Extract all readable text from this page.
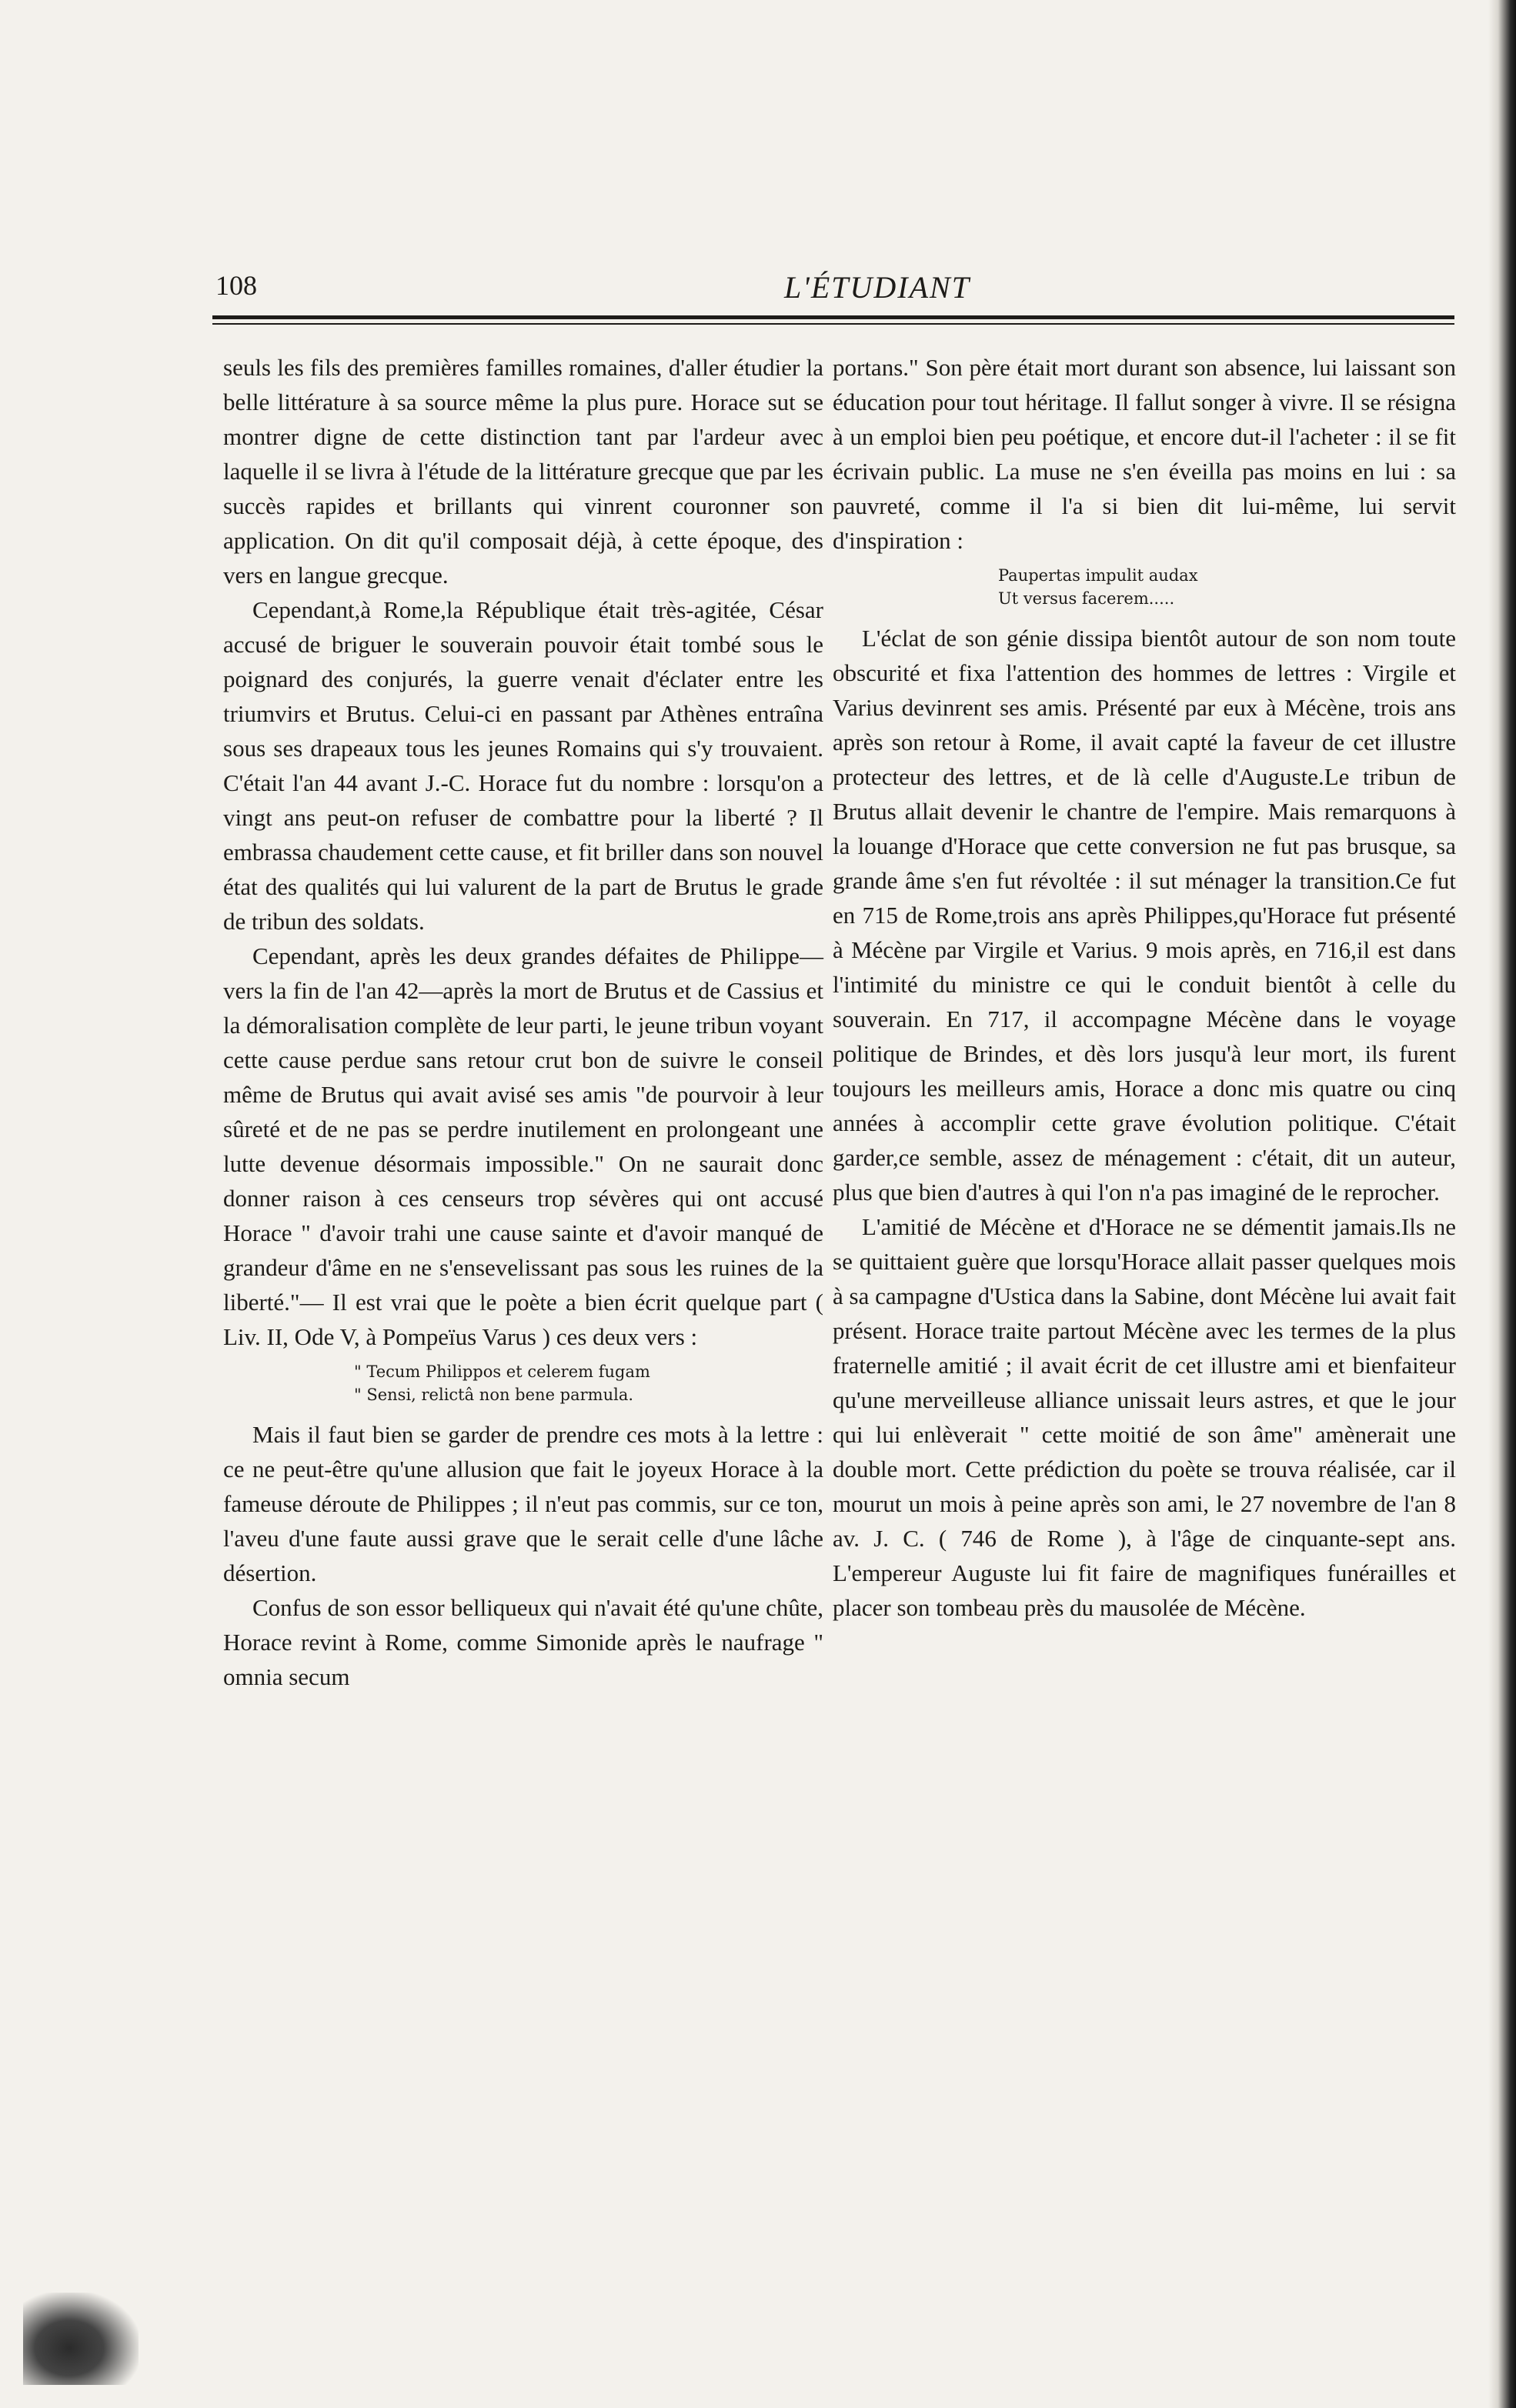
108	L'ÉTUDIANT

seuls les fils des premières familles romaines, d'aller étudier la belle littérature à sa source même la plus pure. Horace sut se montrer digne de cette distinction tant par l'ardeur avec laquelle il se livra à l'étude de la littérature grecque que par les succès rapides et brillants qui vinrent couronner son application. On dit qu'il composait déjà, à cette époque, des vers en langue grecque.

Cependant,à Rome,la République était très-agitée, César accusé de briguer le souverain pouvoir était tombé sous le poignard des conjurés, la guerre venait d'éclater entre les triumvirs et Brutus. Celui-ci en passant par Athènes entraîna sous ses drapeaux tous les jeunes Romains qui s'y trouvaient. C'était l'an 44 avant J.-C. Horace fut du nombre : lorsqu'on a vingt ans peut-on refuser de combattre pour la liberté ? Il embrassa chaudement cette cause, et fit briller dans son nouvel état des qualités qui lui valurent de la part de Brutus le grade de tribun des soldats.

Cependant, après les deux grandes défaites de Philippe—vers la fin de l'an 42—après la mort de Brutus et de Cassius et la démoralisation complète de leur parti, le jeune tribun voyant cette cause perdue sans retour crut bon de suivre le conseil même de Brutus qui avait avisé ses amis "de pourvoir à leur sûreté et de ne pas se perdre inutilement en prolongeant une lutte devenue désormais impossible." On ne saurait donc donner raison à ces censeurs trop sévères qui ont accusé Horace " d'avoir trahi une cause sainte et d'avoir manqué de grandeur d'âme en ne s'ensevelissant pas sous les ruines de la liberté."— Il est vrai que le poète a bien écrit quelque part ( Liv. II, Ode V, à Pompeïus Varus ) ces deux vers :

" Tecum Philippos et celerem fugam
" Sensi, relictâ non bene parmula.

Mais il faut bien se garder de prendre ces mots à la lettre : ce ne peut-être qu'une allusion que fait le joyeux Horace à la fameuse déroute de Philippes ; il n'eut pas commis, sur ce ton, l'aveu d'une faute aussi grave que le serait celle d'une lâche désertion.

Confus de son essor belliqueux qui n'avait été qu'une chûte, Horace revint à Rome, comme Simonide après le naufrage " omnia secum

portans." Son père était mort durant son absence, lui laissant son éducation pour tout héritage. Il fallut songer à vivre. Il se résigna à un emploi bien peu poétique, et encore dut-il l'acheter : il se fit écrivain public. La muse ne s'en éveilla pas moins en lui : sa pauvreté, comme il l'a si bien dit lui-même, lui servit d'inspiration :

Paupertas impulit audax
Ut versus facerem.....

L'éclat de son génie dissipa bientôt autour de son nom toute obscurité et fixa l'attention des hommes de lettres : Virgile et Varius devinrent ses amis. Présenté par eux à Mécène, trois ans après son retour à Rome, il avait capté la faveur de cet illustre protecteur des lettres, et de là celle d'Auguste.Le tribun de Brutus allait devenir le chantre de l'empire. Mais remarquons à la louange d'Horace que cette conversion ne fut pas brusque, sa grande âme s'en fut révoltée : il sut ménager la transition.Ce fut en 715 de Rome,trois ans après Philippes,qu'Horace fut présenté à Mécène par Virgile et Varius. 9 mois après, en 716,il est dans l'intimité du ministre ce qui le conduit bientôt à celle du souverain. En 717, il accompagne Mécène dans le voyage politique de Brindes, et dès lors jusqu'à leur mort, ils furent toujours les meilleurs amis, Horace a donc mis quatre ou cinq années à accomplir cette grave évolution politique. C'était garder,ce semble, assez de ménagement : c'était, dit un auteur, plus que bien d'autres à qui l'on n'a pas imaginé de le reprocher.

L'amitié de Mécène et d'Horace ne se démentit jamais.Ils ne se quittaient guère que lorsqu'Horace allait passer quelques mois à sa campagne d'Ustica dans la Sabine, dont Mécène lui avait fait présent. Horace traite partout Mécène avec les termes de la plus fraternelle amitié ; il avait écrit de cet illustre ami et bienfaiteur qu'une merveilleuse alliance unissait leurs astres, et que le jour qui lui enlèverait " cette moitié de son âme" amènerait une double mort. Cette prédiction du poète se trouva réalisée, car il mourut un mois à peine après son ami, le 27 novembre de l'an 8 av. J. C. ( 746 de Rome ), à l'âge de cinquante-sept ans. L'empereur Auguste lui fit faire de magnifiques funérailles et placer son tombeau près du mausolée de Mécène.
